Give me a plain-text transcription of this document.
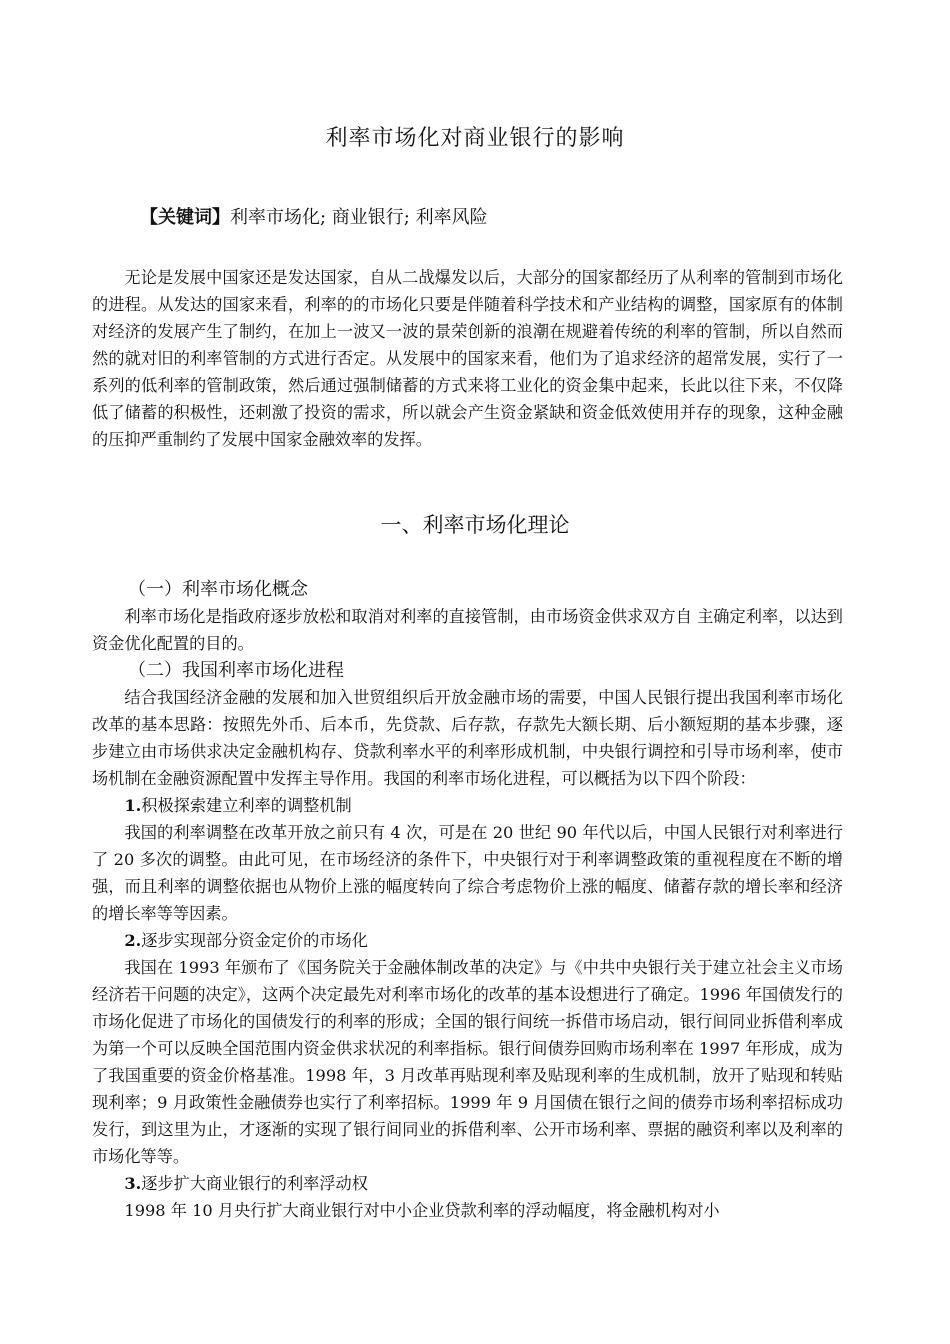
利率市场化对商业银行的影响
【关键词】利率市场化; 商业银行; 利率风险

无论是发展中国家还是发达国家，自从二战爆发以后，大部分的国家都经历了从利率的管制到市场化的进程。从发达的国家来看，利率的的市场化只要是伴随着科学技术和产业结构的调整，国家原有的体制对经济的发展产生了制约，在加上一波又一波的景荣创新的浪潮在规避着传统的利率的管制，所以自然而然的就对旧的利率管制的方式进行否定。从发展中的国家来看，他们为了追求经济的超常发展，实行了一系列的低利率的管制政策，然后通过强制储蓄的方式来将工业化的资金集中起来，长此以往下来，不仅降低了储蓄的积极性，还刺激了投资的需求，所以就会产生资金紧缺和资金低效使用并存的现象，这种金融的压抑严重制约了发展中国家金融效率的发挥。

一、利率市场化理论

（一）利率市场化概念

利率市场化是指政府逐步放松和取消对利率的直接管制，由市场资金供求双方自 主确定利率，以达到资金优化配置的目的。

（二）我国利率市场化进程

结合我国经济金融的发展和加入世贸组织后开放金融市场的需要，中国人民银行提出我国利率市场化改革的基本思路：按照先外币、后本币，先贷款、后存款，存款先大额长期、后小额短期的基本步骤，逐步建立由市场供求决定金融机构存、贷款利率水平的利率形成机制，中央银行调控和引导市场利率，使市场机制在金融资源配置中发挥主导作用。我国的利率市场化进程，可以概括为以下四个阶段：

1.积极探索建立利率的调整机制

我国的利率调整在改革开放之前只有 4 次，可是在 20 世纪 90 年代以后，中国人民银行对利率进行了 20 多次的调整。由此可见，在市场经济的条件下，中央银行对于利率调整政策的重视程度在不断的增强，而且利率的调整依据也从物价上涨的幅度转向了综合考虑物价上涨的幅度、储蓄存款的增长率和经济的增长率等等因素。

2.逐步实现部分资金定价的市场化

我国在 1993 年颁布了《国务院关于金融体制改革的决定》与《中共中央银行关于建立社会主义市场经济若干问题的决定》，这两个决定最先对利率市场化的改革的基本设想进行了确定。1996 年国债发行的市场化促进了市场化的国债发行的利率的形成；全国的银行间统一拆借市场启动，银行间同业拆借利率成为第一个可以反映全国范围内资金供求状况的利率指标。银行间债券回购市场利率在 1997 年形成，成为了我国重要的资金价格基准。1998 年，3 月改革再贴现利率及贴现利率的生成机制，放开了贴现和转贴现利率；9 月政策性金融债券也实行了利率招标。1999 年 9 月国债在银行之间的债券市场利率招标成功发行，到这里为止，才逐渐的实现了银行间同业的拆借利率、公开市场利率、票据的融资利率以及利率的市场化等等。

3.逐步扩大商业银行的利率浮动权

1998 年 10 月央行扩大商业银行对中小企业贷款利率的浮动幅度，将金融机构对小
